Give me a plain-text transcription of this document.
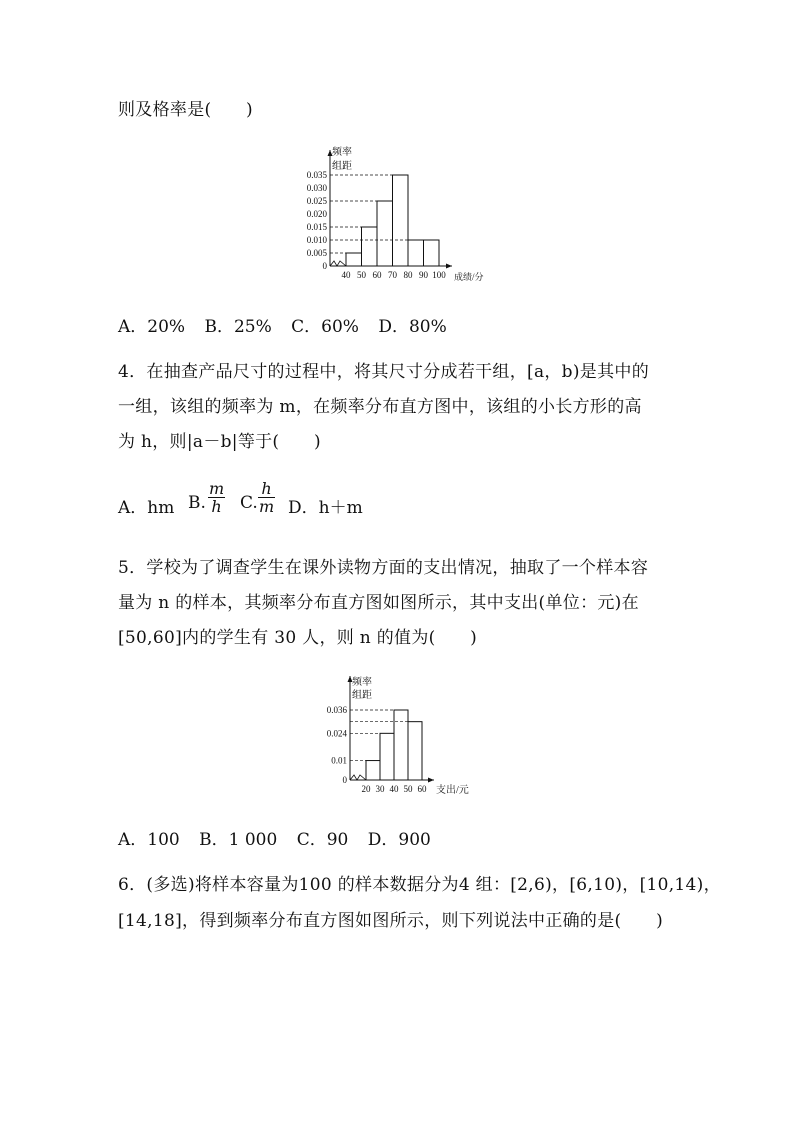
则及格率是(　　)
0.035
0.030
0.025
0.020
0.015
0.010
0.005
0
40 50 60 70 80 90 100
频率
组距
成绩/分
A．20% B．25% C．60% D．80%
4．在抽查产品尺寸的过程中，将其尺寸分成若干组，[a，b)是其中的
一组，该组的频率为 m，在频率分布直方图中，该组的小长方形的高
为 h，则|a－b|等于(　　)
A．hm B. $\frac{m}{h} C$. $\frac{h}{m}$ D．h＋m
5．学校为了调查学生在课外读物方面的支出情况，抽取了一个样本容
量为 n 的样本，其频率分布直方图如图所示，其中支出(单位：元)在
[50,60]内的学生有 30 人，则 n 的值为(　　)
0.036
0.024
0.01
0
20 30 40 50 60
频率
组距
支出/元
A．100 B．1 000 C．90 D．900
6．(多选)将样本容量为100 的样本数据分为4 组：[2,6)，[6,10)，[10,14)，
[14,18]，得到频率分布直方图如图所示，则下列说法中正确的是(　　)
